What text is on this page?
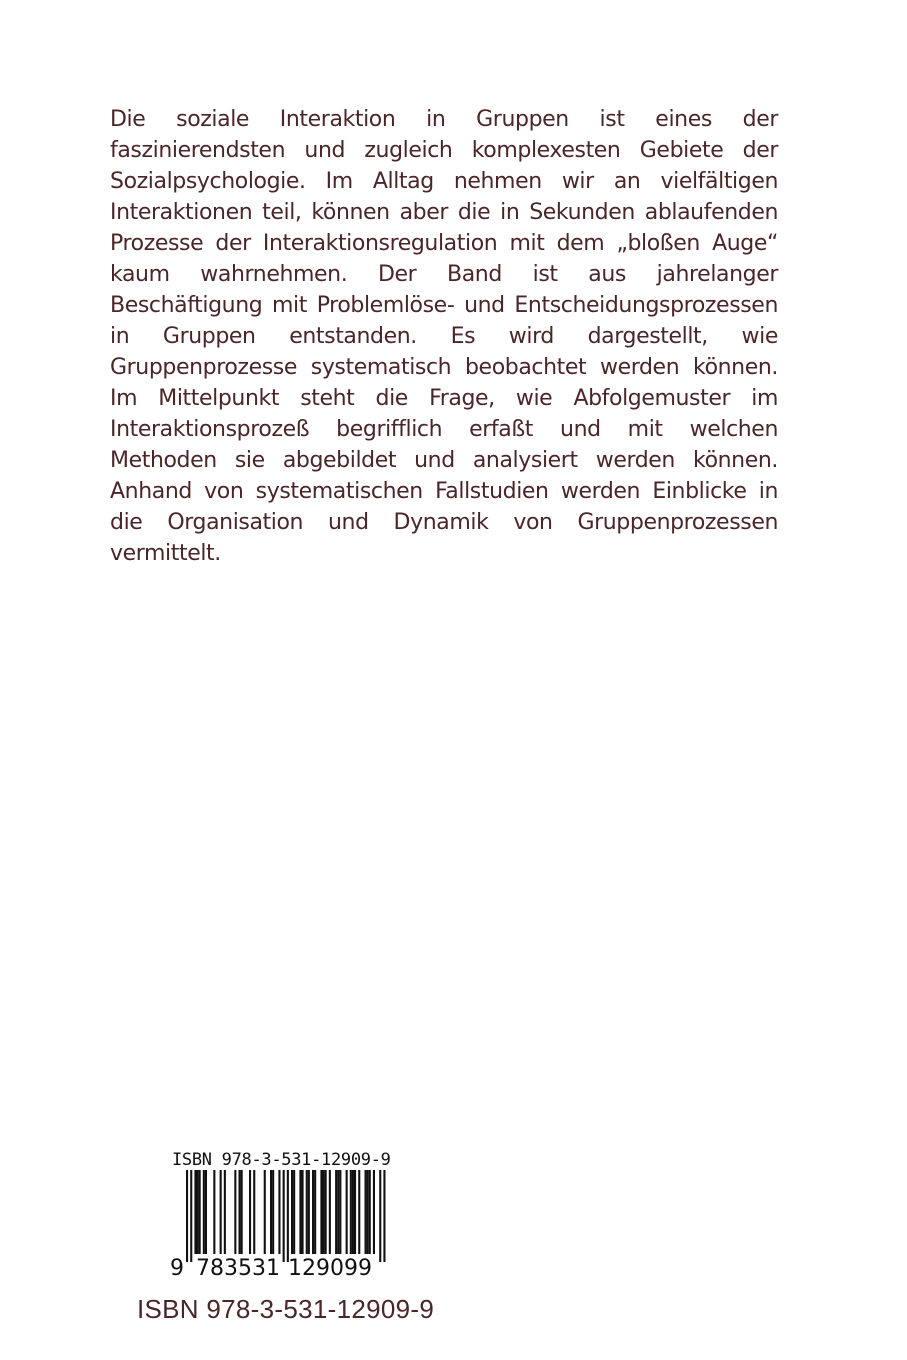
Die soziale Interaktion in Gruppen ist eines der faszinierendsten und zugleich komplexesten Gebiete der Sozialpsychologie. Im Alltag nehmen wir an vielfältigen Interaktionen teil, können aber die in Sekunden ablaufenden Prozesse der Interaktionsregulation mit dem „bloßen Auge“ kaum wahrnehmen. Der Band ist aus jahrelanger Beschäftigung mit Problemlöse- und Entscheidungsprozessen in Gruppen entstanden. Es wird dargestellt, wie Gruppenprozesse systematisch beobachtet werden können. Im Mittelpunkt steht die Frage, wie Abfolgemuster im Interaktionsprozeß begrifflich erfaßt und mit welchen Methoden sie abgebildet und analysiert werden können. Anhand von systematischen Fallstudien werden Einblicke in die Organisation und Dynamik von Gruppenprozessen vermittelt.

ISBN 978-3-531-12909-9
9 783531 129099
ISBN 978-3-531-12909-9
